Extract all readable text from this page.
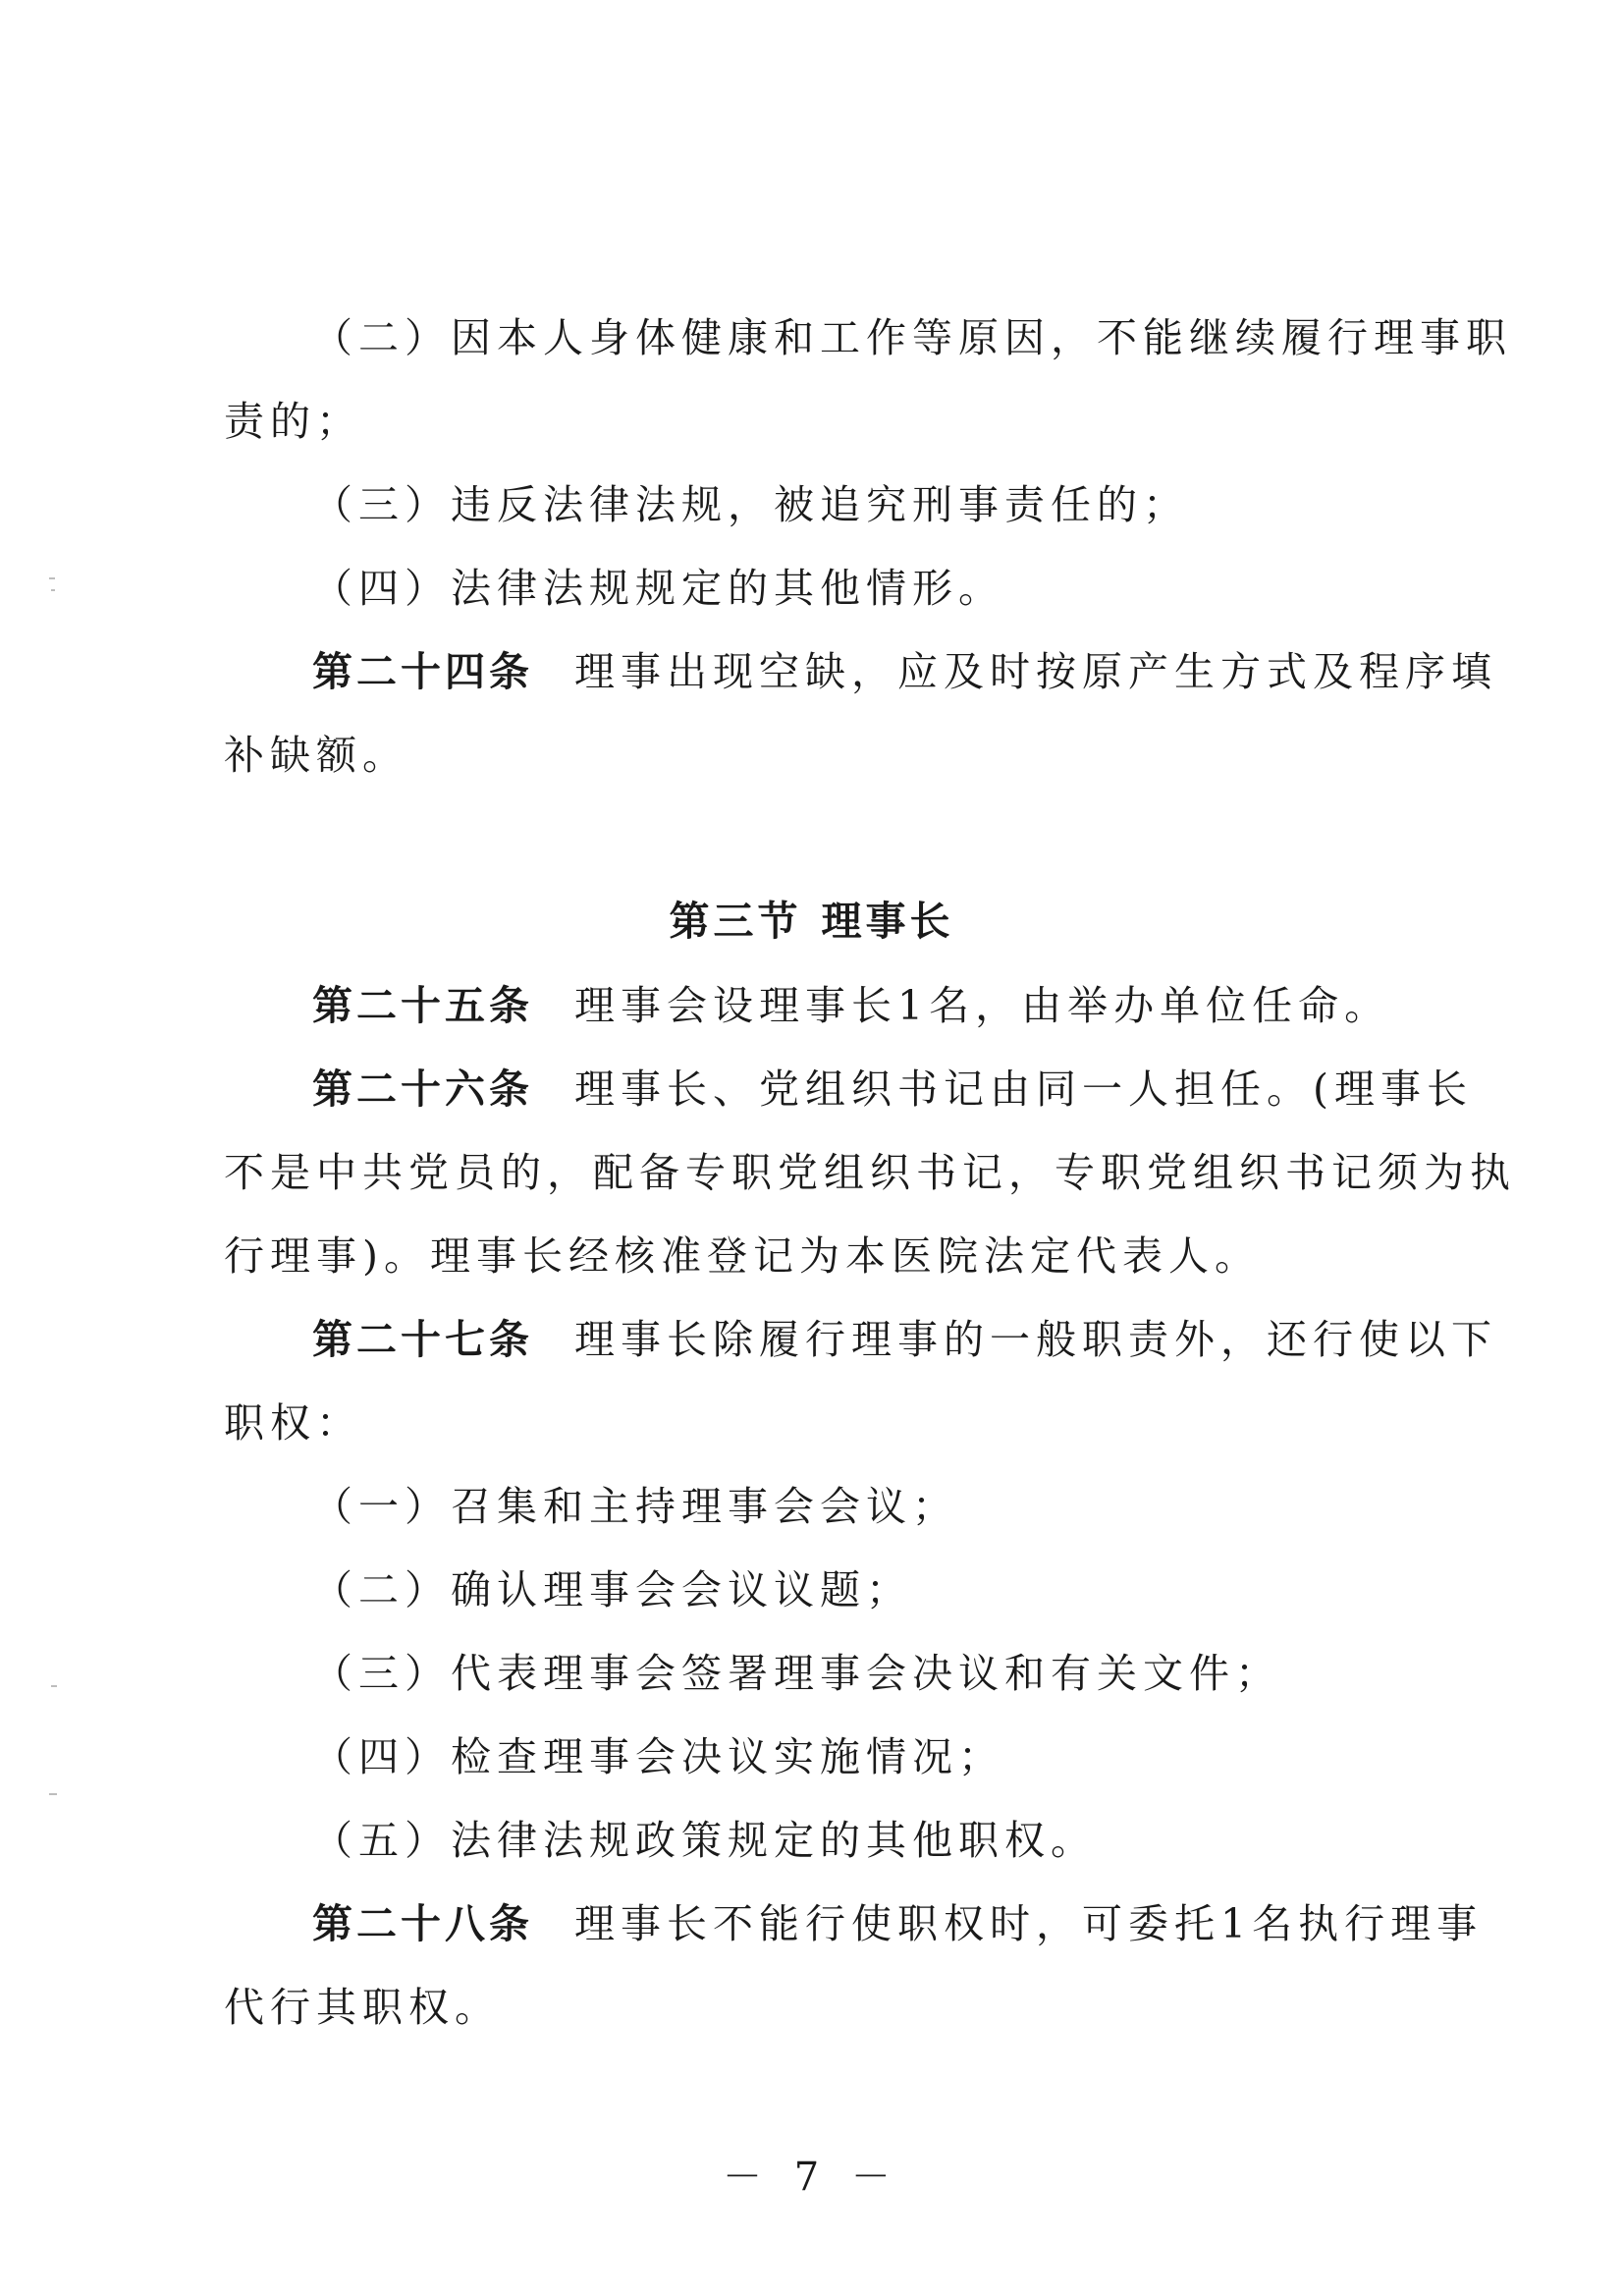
（二）因本人身体健康和工作等原因，不能继续履行理事职
责的；
（三）违反法律法规，被追究刑事责任的；
（四）法律法规规定的其他情形。
第二十四条 理事出现空缺，应及时按原产生方式及程序填
补缺额。
第三节 理事长
第二十五条 理事会设理事长1名，由举办单位任命。
第二十六条 理事长、党组织书记由同一人担任。(理事长
不是中共党员的，配备专职党组织书记，专职党组织书记须为执
行理事)。理事长经核准登记为本医院法定代表人。
第二十七条 理事长除履行理事的一般职责外，还行使以下
职权：
（一）召集和主持理事会会议；
（二）确认理事会会议议题；
（三）代表理事会签署理事会决议和有关文件；
（四）检查理事会决议实施情况；
（五）法律法规政策规定的其他职权。
第二十八条 理事长不能行使职权时，可委托1名执行理事
代行其职权。
－ 7 －
